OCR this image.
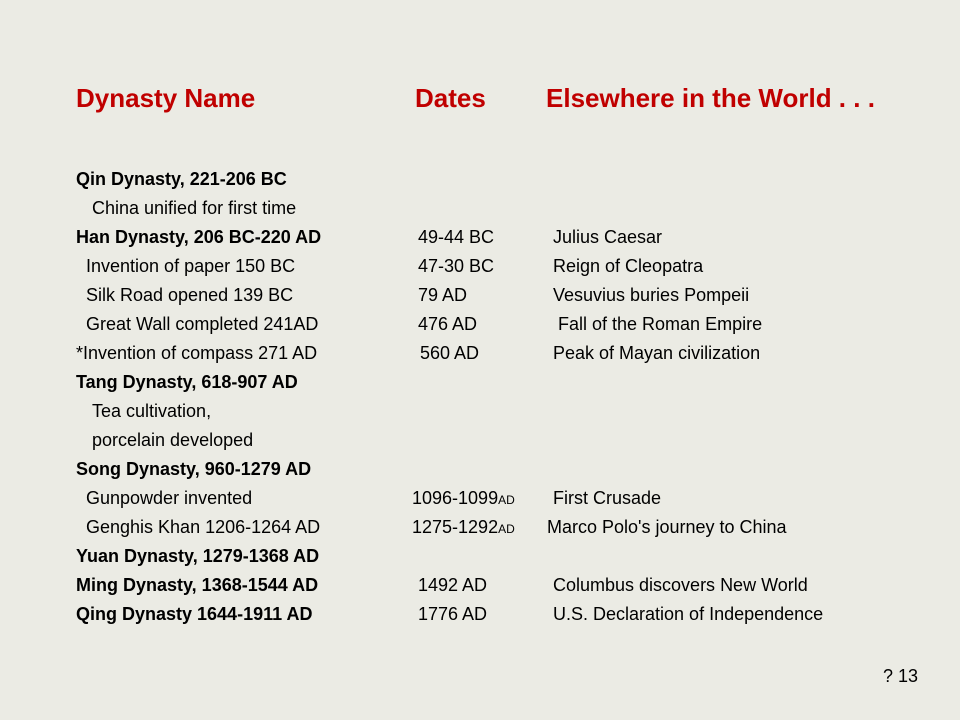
Dynasty Name	Dates Elsewhere in the World . . .
Qin Dynasty, 221-206 BC
China unified for first time
Han Dynasty, 206 BC-220 AD	49-44 BC	Julius Caesar
Invention of paper 150 BC	47-30 BC	Reign of Cleopatra
Silk Road opened 139 BC	79 AD	Vesuvius buries Pompeii
Great Wall completed 241AD	476 AD	Fall of the Roman Empire
*Invention of compass 271 AD	560 AD	Peak of Mayan civilization
Tang Dynasty, 618-907 AD
Tea cultivation,
porcelain developed
Song Dynasty, 960-1279 AD
Gunpowder invented	1096-1099AD First Crusade
Genghis Khan 1206-1264 AD	1275-1292AD Marco Polo's journey to China
Yuan Dynasty, 1279-1368 AD
Ming Dynasty, 1368-1544 AD	1492 AD	Columbus discovers New World
Qing Dynasty 1644-1911 AD	1776 AD	U.S. Declaration of Independence
? 13
